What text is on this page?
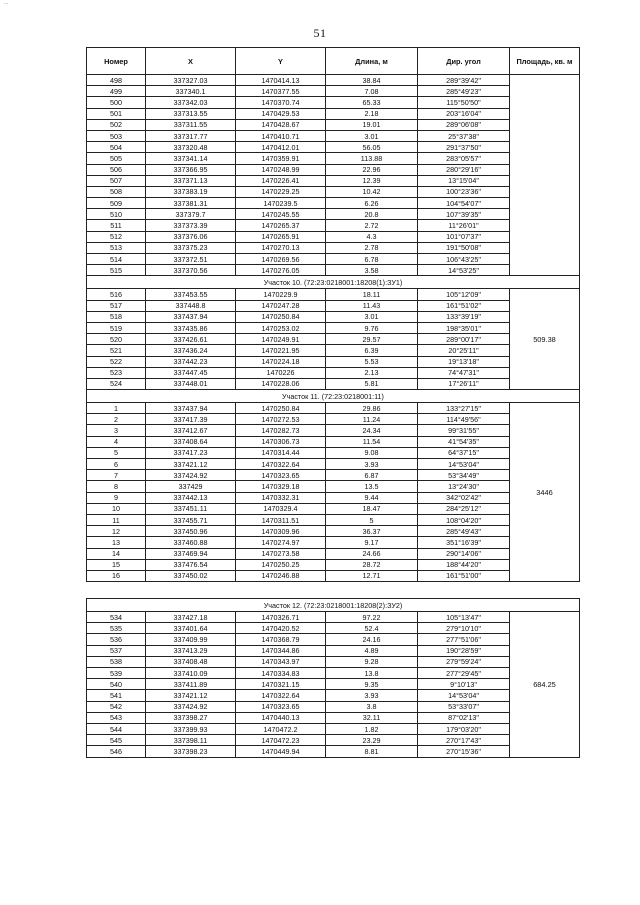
...
51
Номер	X	Y	Длина, м	Дир. угол	Площадь, кв. м
498	337327.03	1470414.13	38.84	289°39'42"	
499	337340.1	1470377.55	7.08	285°49'23"	
500	337342.03	1470370.74	65.33	115°50'50"	
501	337313.55	1470429.53	2.18	203°16'04"	
502	337311.55	1470428.67	19.01	289°06'08"	
503	337317.77	1470410.71	3.01	25°37'38"	
504	337320.48	1470412.01	56.05	291°37'50"	
505	337341.14	1470359.91	113.88	283°05'57"	
506	337366.95	1470248.99	22.96	280°29'16"	
507	337371.13	1470226.41	12.39	13°15'04"	
508	337383.19	1470229.25	10.42	100°23'36"	
509	337381.31	1470239.5	6.26	104°54'07"	
510	337379.7	1470245.55	20.8	107°39'35"	
511	337373.39	1470265.37	2.72	11°26'01"	
512	337376.06	1470265.91	4.3	101°07'37"	
513	337375.23	1470270.13	2.78	191°50'08"	
514	337372.51	1470269.56	6.78	106°43'25"	
515	337370.56	1470276.05	3.58	14°53'25"	
Участок 10. (72:23:0218001:18208(1):ЗУ1)					
516	337453.55	1470229.9	18.11	105°12'09"	509.38
517	337448.8	1470247.28	11.43	161°51'02"	
518	337437.94	1470250.84	3.01	133°39'19"	
519	337435.86	1470253.02	9.76	198°35'01"	
520	337426.61	1470249.91	29.57	289°00'17"	
521	337436.24	1470221.95	6.39	20°25'11"	
522	337442.23	1470224.18	5.53	19°13'18"	
523	337447.45	1470226	2.13	74°47'31"	
524	337448.01	1470228.06	5.81	17°26'11"	
Участок 11. (72:23:0218001:11)					
1	337437.94	1470250.84	29.86	133°27'15"	3446
2	337417.39	1470272.53	11.24	114°49'56"	
3	337412.67	1470282.73	24.34	99°31'55"	
4	337408.64	1470306.73	11.54	41°54'35"	
5	337417.23	1470314.44	9.08	64°37'15"	
6	337421.12	1470322.64	3.93	14°53'04"	
7	337424.92	1470323.65	6.87	53°34'49"	
8	337429	1470329.18	13.5	13°24'30"	
9	337442.13	1470332.31	9.44	342°02'42"	
10	337451.11	1470329.4	18.47	284°25'12"	
11	337455.71	1470311.51	5	108°04'20"	
12	337450.96	1470309.96	36.37	285°49'43"	
13	337460.88	1470274.97	9.17	351°16'39"	
14	337469.94	1470273.58	24.66	290°14'06"	
15	337476.54	1470250.25	28.72	188°44'20"	
16	337450.02	1470246.88	12.71	161°51'00"	

Участок 12. (72:23:0218001:18208(2):ЗУ2)					
534	337427.18	1470326.71	97.22	105°13'47"	684.25
535	337401.64	1470420.52	52.4	279°10'10"	
536	337409.99	1470368.79	24.16	277°51'06"	
537	337413.29	1470344.86	4.89	190°28'59"	
538	337408.48	1470343.97	9.28	279°59'24"	
539	337410.09	1470334.83	13.8	277°29'45"	
540	337411.89	1470321.15	9.35	9°10'13"	
541	337421.12	1470322.64	3.93	14°53'04"	
542	337424.92	1470323.65	3.8	53°33'07"	
543	337398.27	1470440.13	32.11	87°02'13"	
544	337399.93	1470472.2	1.82	179°03'20"	
545	337398.11	1470472.23	23.29	270°17'43"	
546	337398.23	1470449.94	8.81	270°15'36"	
